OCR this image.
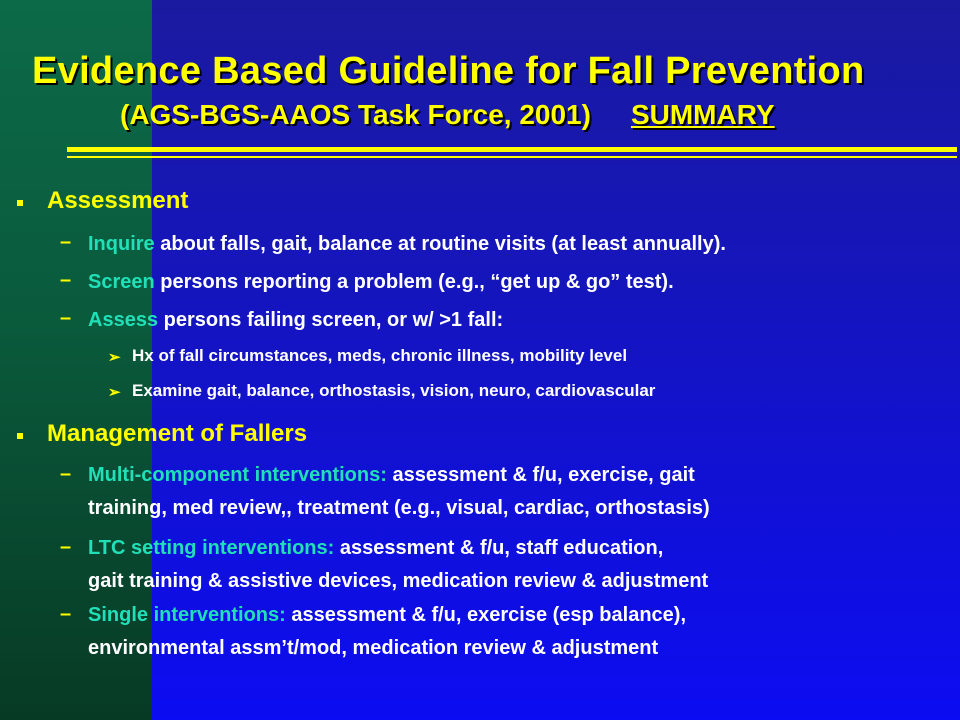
Evidence Based Guideline for Fall Prevention
(AGS-BGS-AAOS Task Force, 2001) SUMMARY
Assessment
– Inquire about falls, gait, balance at routine visits (at least annually).
– Screen persons reporting a problem (e.g., “get up & go” test).
– Assess persons failing screen, or w/ >1 fall:
➢ Hx of fall circumstances, meds, chronic illness, mobility level
➢ Examine gait, balance, orthostasis, vision, neuro, cardiovascular
Management of Fallers
– Multi-component interventions: assessment & f/u, exercise, gait
training, med review,, treatment (e.g., visual, cardiac, orthostasis)
– LTC setting interventions: assessment & f/u, staff education,
gait training & assistive devices, medication review & adjustment
– Single interventions: assessment & f/u, exercise (esp balance),
environmental assm’t/mod, medication review & adjustment
